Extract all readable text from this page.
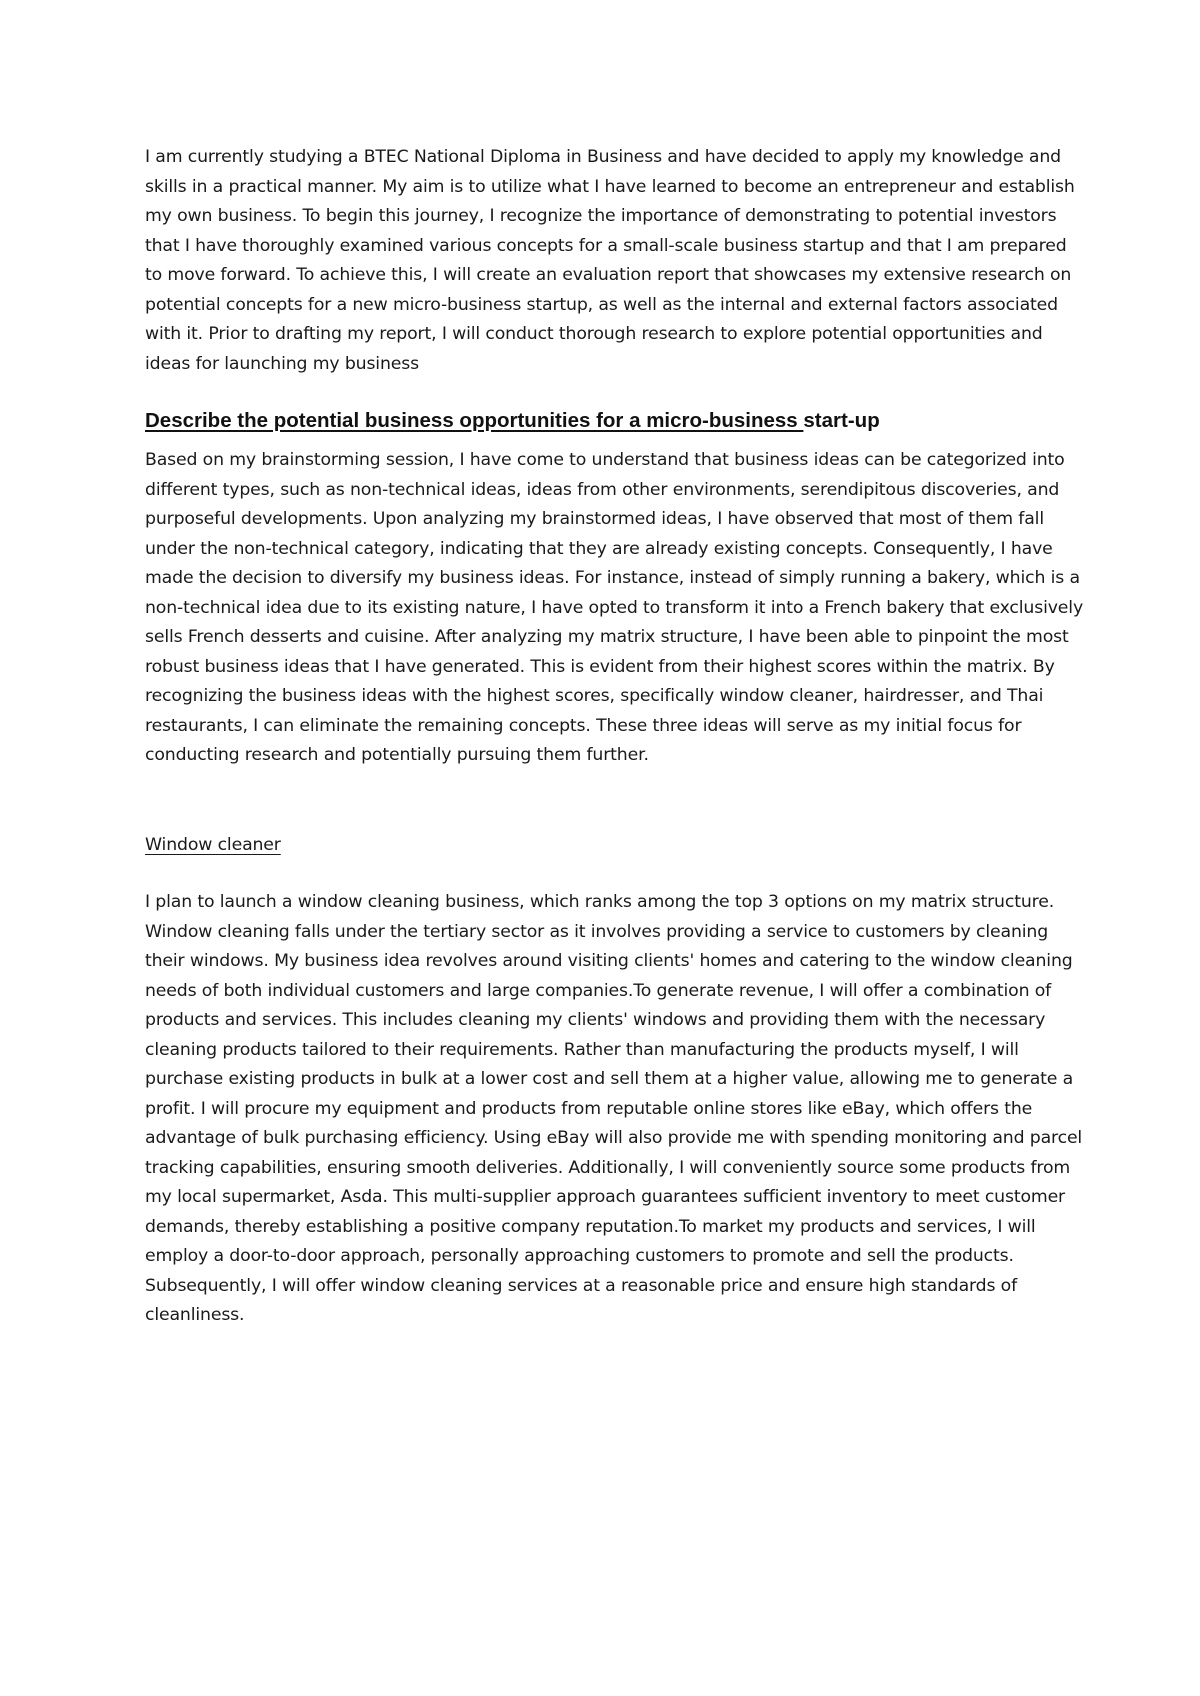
I am currently studying a BTEC National Diploma in Business and have decided to apply my knowledge and skills in a practical manner. My aim is to utilize what I have learned to become an entrepreneur and establish my own business. To begin this journey, I recognize the importance of demonstrating to potential investors that I have thoroughly examined various concepts for a small-scale business startup and that I am prepared to move forward. To achieve this, I will create an evaluation report that showcases my extensive research on potential concepts for a new micro-business startup, as well as the internal and external factors associated with it. Prior to drafting my report, I will conduct thorough research to explore potential opportunities and ideas for launching my business

Describe the potential business opportunities for a micro-business start-up

Based on my brainstorming session, I have come to understand that business ideas can be categorized into different types, such as non-technical ideas, ideas from other environments, serendipitous discoveries, and purposeful developments. Upon analyzing my brainstormed ideas, I have observed that most of them fall under the non-technical category, indicating that they are already existing concepts. Consequently, I have made the decision to diversify my business ideas. For instance, instead of simply running a bakery, which is a non-technical idea due to its existing nature, I have opted to transform it into a French bakery that exclusively sells French desserts and cuisine. After analyzing my matrix structure, I have been able to pinpoint the most robust business ideas that I have generated. This is evident from their highest scores within the matrix. By recognizing the business ideas with the highest scores, specifically window cleaner, hairdresser, and Thai restaurants, I can eliminate the remaining concepts. These three ideas will serve as my initial focus for conducting research and potentially pursuing them further.

Window cleaner

I plan to launch a window cleaning business, which ranks among the top 3 options on my matrix structure. Window cleaning falls under the tertiary sector as it involves providing a service to customers by cleaning their windows. My business idea revolves around visiting clients' homes and catering to the window cleaning needs of both individual customers and large companies.To generate revenue, I will offer a combination of products and services. This includes cleaning my clients' windows and providing them with the necessary cleaning products tailored to their requirements. Rather than manufacturing the products myself, I will purchase existing products in bulk at a lower cost and sell them at a higher value, allowing me to generate a profit. I will procure my equipment and products from reputable online stores like eBay, which offers the advantage of bulk purchasing efficiency. Using eBay will also provide me with spending monitoring and parcel tracking capabilities, ensuring smooth deliveries. Additionally, I will conveniently source some products from my local supermarket, Asda. This multi-supplier approach guarantees sufficient inventory to meet customer demands, thereby establishing a positive company reputation.To market my products and services, I will employ a door-to-door approach, personally approaching customers to promote and sell the products. Subsequently, I will offer window cleaning services at a reasonable price and ensure high standards of cleanliness.
